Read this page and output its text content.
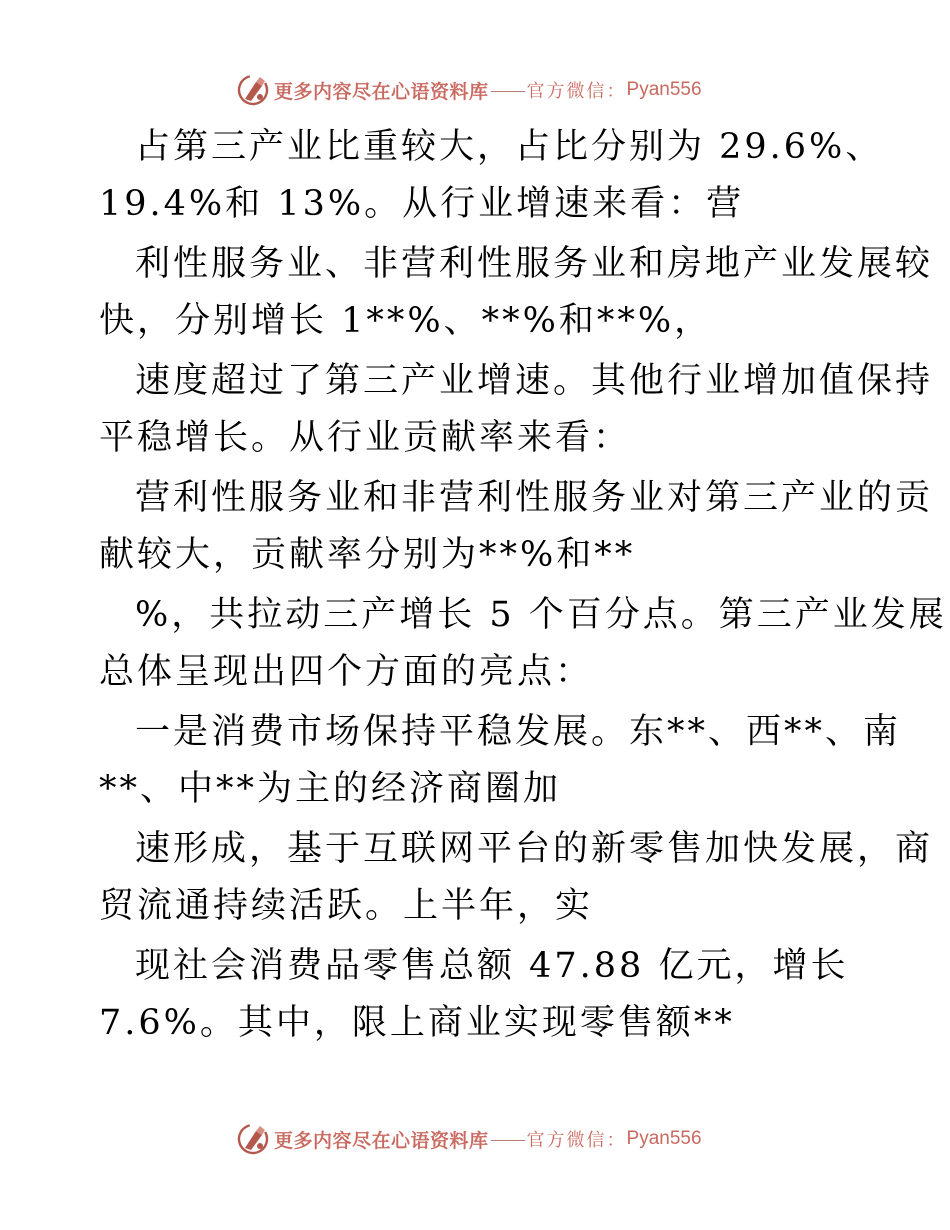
更多内容尽在心语资料库 官方微信： Pyan556
占第三产业比重较大，占比分别为 29.6%、
19.4%和 13%。从行业增速来看：营
利性服务业、非营利性服务业和房地产业发展较
快，分别增长 1**%、**%和**%，
速度超过了第三产业增速。其他行业增加值保持
平稳增长。从行业贡献率来看：
营利性服务业和非营利性服务业对第三产业的贡
献较大，贡献率分别为**%和**
%，共拉动三产增长 5 个百分点。第三产业发展
总体呈现出四个方面的亮点：
一是消费市场保持平稳发展。东**、西**、南
**、中**为主的经济商圈加
速形成，基于互联网平台的新零售加快发展，商
贸流通持续活跃。上半年，实
现社会消费品零售总额 47.88 亿元，增长
7.6%。其中，限上商业实现零售额**
更多内容尽在心语资料库 官方微信： Pyan556
